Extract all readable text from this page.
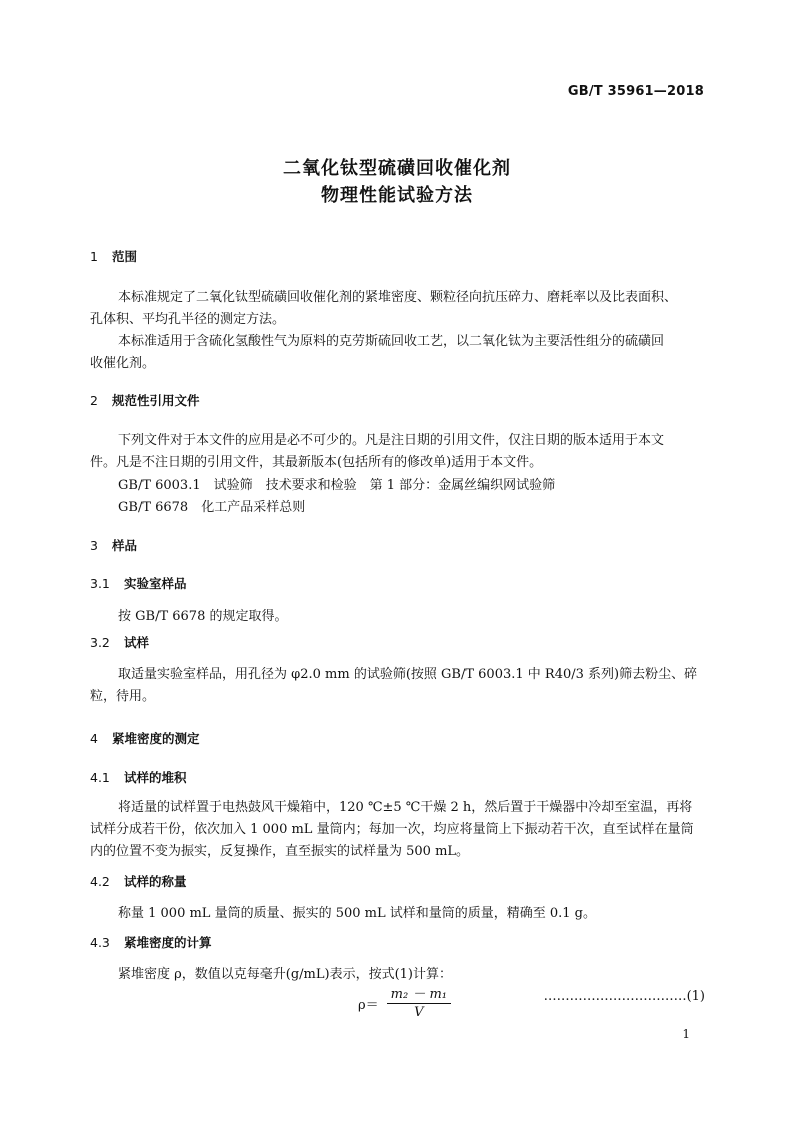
GB/T 35961—2018
二氧化钛型硫磺回收催化剂
物理性能试验方法
1 范围
本标准规定了二氧化钛型硫磺回收催化剂的紧堆密度、颗粒径向抗压碎力、磨耗率以及比表面积、
孔体积、平均孔半径的测定方法。
本标准适用于含硫化氢酸性气为原料的克劳斯硫回收工艺，以二氧化钛为主要活性组分的硫磺回
收催化剂。
2 规范性引用文件
下列文件对于本文件的应用是必不可少的。凡是注日期的引用文件，仅注日期的版本适用于本文
件。凡是不注日期的引用文件，其最新版本(包括所有的修改单)适用于本文件。
GB/T 6003.1　试验筛　技术要求和检验　第 1 部分：金属丝编织网试验筛
GB/T 6678　化工产品采样总则
3 样品
3.1 实验室样品
按 GB/T 6678 的规定取得。
3.2 试样
取适量实验室样品，用孔径为 φ2.0 mm 的试验筛(按照 GB/T 6003.1 中 R40/3 系列)筛去粉尘、碎
粒，待用。
4 紧堆密度的测定
4.1 试样的堆积
将适量的试样置于电热鼓风干燥箱中，120 ℃±5 ℃干燥 2 h，然后置于干燥器中冷却至室温，再将
试样分成若干份，依次加入 1 000 mL 量筒内；每加一次，均应将量筒上下振动若干次，直至试样在量筒
内的位置不变为振实，反复操作，直至振实的试样量为 500 mL。
4.2 试样的称量
称量 1 000 mL 量筒的质量、振实的 500 mL 试样和量筒的质量，精确至 0.1 g。
4.3 紧堆密度的计算
紧堆密度 ρ，数值以克每毫升(g/mL)表示，按式(1)计算：
$\rho= \frac{\text{m₂ － m₁}}{V}$	……………………………(1)
1
